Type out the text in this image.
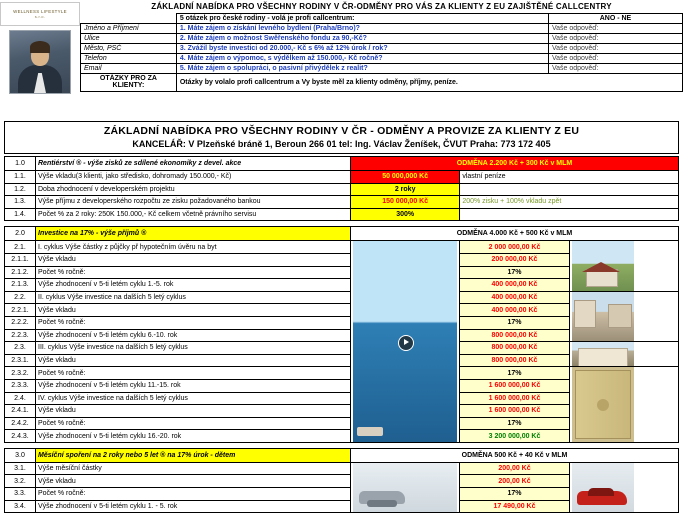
WELLNESS LIFESTYLE
s.r.o.
ZÁKLADNÍ NABÍDKA PRO VŠECHNY RODINY V ČR-ODMĚNY PRO VÁS ZA KLIENTY Z EU ZAJIŠTĚNÉ CALLCENTRY
	5 otázek pro české rodiny - volá je profi callcentrum:	ANO - NE
Jméno a Příjmení	1. Máte zájem o získání levného bydlení (Praha/Brno)?	Vaše odpověď:
Ulice	2. Máte zájem o možnost Swěřenského fondu za 90,-Kč?	Vaše odpověď:
Město, PSČ	3. Zvážil byste investici od 20.000,- Kč s 6% až 12% úrok / rok?	Vaše odpověď:
Telefon	4. Máte zájem o výpomoc, s výdělkem až 150.000,- Kč ročně?	Vaše odpověď:
Email	5. Máte zájem o spolupráci, o pasivní přivýdělek z realit?	Vaše odpověď:
OTÁZKY PRO ZA KLIENTY:	Otázky by volalo profi callcentrum a Vy byste měl za klienty odměny, příjmy, peníze.	
ZÁKLADNÍ NABÍDKA PRO VŠECHNY RODINY V ČR - ODMĚNY A PROVIZE ZA KLIENTY Z EU
KANCELÁŘ: V Plzeňské bráně 1, Beroun 266 01 tel: Ing. Václav Ženíšek, ČVUT Praha: 773 172 405
1.0	Rentiérství ® - výše zisků ze sdílené ekonomiky z devel. akce	ODMĚNA 2.200 Kč + 300 Kč v MLM	
1.1.	Výše vkladu(3 klienti, jako středisko, dohromady 150.000,- Kč)	50 000,000 Kč	vlastní peníze
1.2.	Doba zhodnocení v developerském projektu	2 roky	
1.3.	Výše příjmu z developerského rozpočtu ze zisku požadovaného bankou	150 000,00 Kč	200% zisku + 100% vkladu zpět
1.4.	Počet % za 2 roky: 250K 150.000,- Kč celkem včetně právního servisu	300%	
2.0	Investice na 17% - výše příjmů ®	ODMĚNA 4.000 Kč + 500 Kč v MLM		
2.1.	I. cyklus Výše částky z půjčky př hypotečním úvěru na byt		2 000 000,00 Kč	

2.1.1.	Výše vkladu		200 000,00 Kč	
2.1.2.	Počet % ročně:		17%	
2.1.3.	Výše zhodnocení v 5-ti letém cyklu 1.-5. rok		400 000,00 Kč	
2.2.	II. cyklus Výše investice na dalších 5 letý cyklus		400 000,00 Kč	

2.2.1.	Výše vkladu		400 000,00 Kč	
2.2.2.	Počet % ročně:		17%	
2.2.3.	Výše zhodnocení v 5-ti letém cyklu 6.-10. rok		800 000,00 Kč	
2.3.	III. cyklus Výše investice na dalších 5 letý cyklus		800 000,00 Kč	

2.3.1.	Výše vkladu		800 000,00 Kč	
2.3.2.	Počet % ročně:		17%	

2.3.3.	Výše zhodnocení v 5-ti letém cyklu 11.-15. rok		1 600 000,00 Kč	
2.4.	IV. cyklus Výše investice na dalších 5 letý cyklus		1 600 000,00 Kč	
2.4.1.	Výše vkladu		1 600 000,00 Kč	
2.4.2.	Počet % ročně:		17%	
2.4.3.	Výše zhodnocení v 5-ti letém cyklu 16.-20. rok		3 200 000,00 Kč	
3.0	Měsíční spoření na 2 roky nebo 5 let ® na 17% úrok - dětem	ODMĚNA 500 Kč + 40 Kč v MLM		
3.1.	Výše měsíční částky		200,00 Kč	

3.2.	Výše vkladu		200,00 Kč	
3.3.	Počet % ročně:		17%	
3.4.	Výše zhodnocení v 5-ti letém cyklu 1. - 5. rok		17 490,00 Kč	
